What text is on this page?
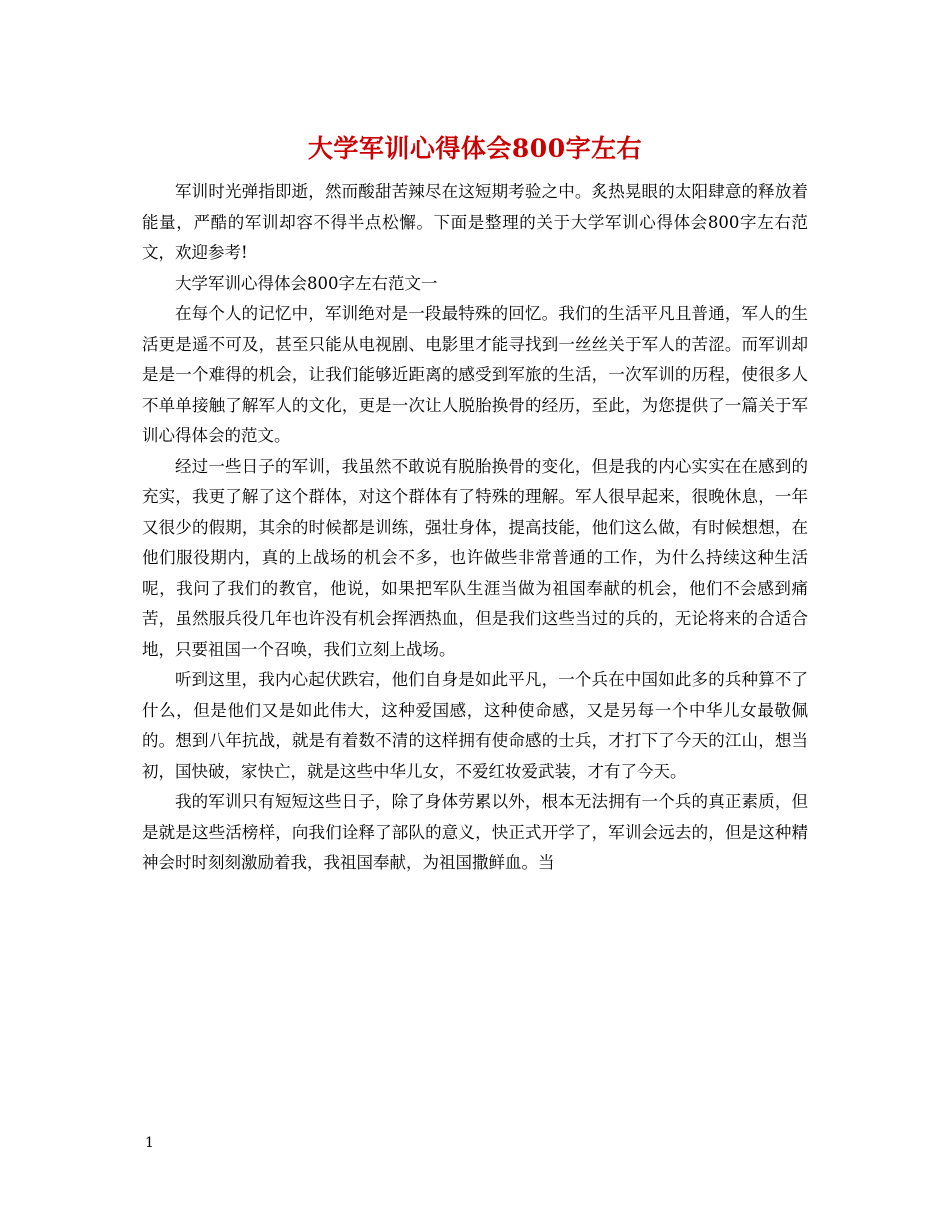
大学军训心得体会800字左右

军训时光弹指即逝，然而酸甜苦辣尽在这短期考验之中。炙热晃眼的太阳肆意的释放着能量，严酷的军训却容不得半点松懈。下面是整理的关于大学军训心得体会800字左右范文，欢迎参考!

大学军训心得体会800字左右范文一

在每个人的记忆中，军训绝对是一段最特殊的回忆。我们的生活平凡且普通，军人的生活更是遥不可及，甚至只能从电视剧、电影里才能寻找到一丝丝关于军人的苦涩。而军训却是是一个难得的机会，让我们能够近距离的感受到军旅的生活，一次军训的历程，使很多人不单单接触了解军人的文化，更是一次让人脱胎换骨的经历，至此，为您提供了一篇关于军训心得体会的范文。

经过一些日子的军训，我虽然不敢说有脱胎换骨的变化，但是我的内心实实在在感到的充实，我更了解了这个群体，对这个群体有了特殊的理解。军人很早起来，很晚休息，一年又很少的假期，其余的时候都是训练，强壮身体，提高技能，他们这么做，有时候想想，在他们服役期内，真的上战场的机会不多，也许做些非常普通的工作，为什么持续这种生活呢，我问了我们的教官，他说，如果把军队生涯当做为祖国奉献的机会，他们不会感到痛苦，虽然服兵役几年也许没有机会挥洒热血，但是我们这些当过的兵的，无论将来的合适合地，只要祖国一个召唤，我们立刻上战场。

听到这里，我内心起伏跌宕，他们自身是如此平凡，一个兵在中国如此多的兵种算不了什么，但是他们又是如此伟大，这种爱国感，这种使命感，又是另每一个中华儿女最敬佩的。想到八年抗战，就是有着数不清的这样拥有使命感的士兵，才打下了今天的江山，想当初，国快破，家快亡，就是这些中华儿女，不爱红妆爱武装，才有了今天。

我的军训只有短短这些日子，除了身体劳累以外，根本无法拥有一个兵的真正素质，但是就是这些活榜样，向我们诠释了部队的意义，快正式开学了，军训会远去的，但是这种精神会时时刻刻激励着我，我祖国奉献，为祖国撒鲜血。当

1
